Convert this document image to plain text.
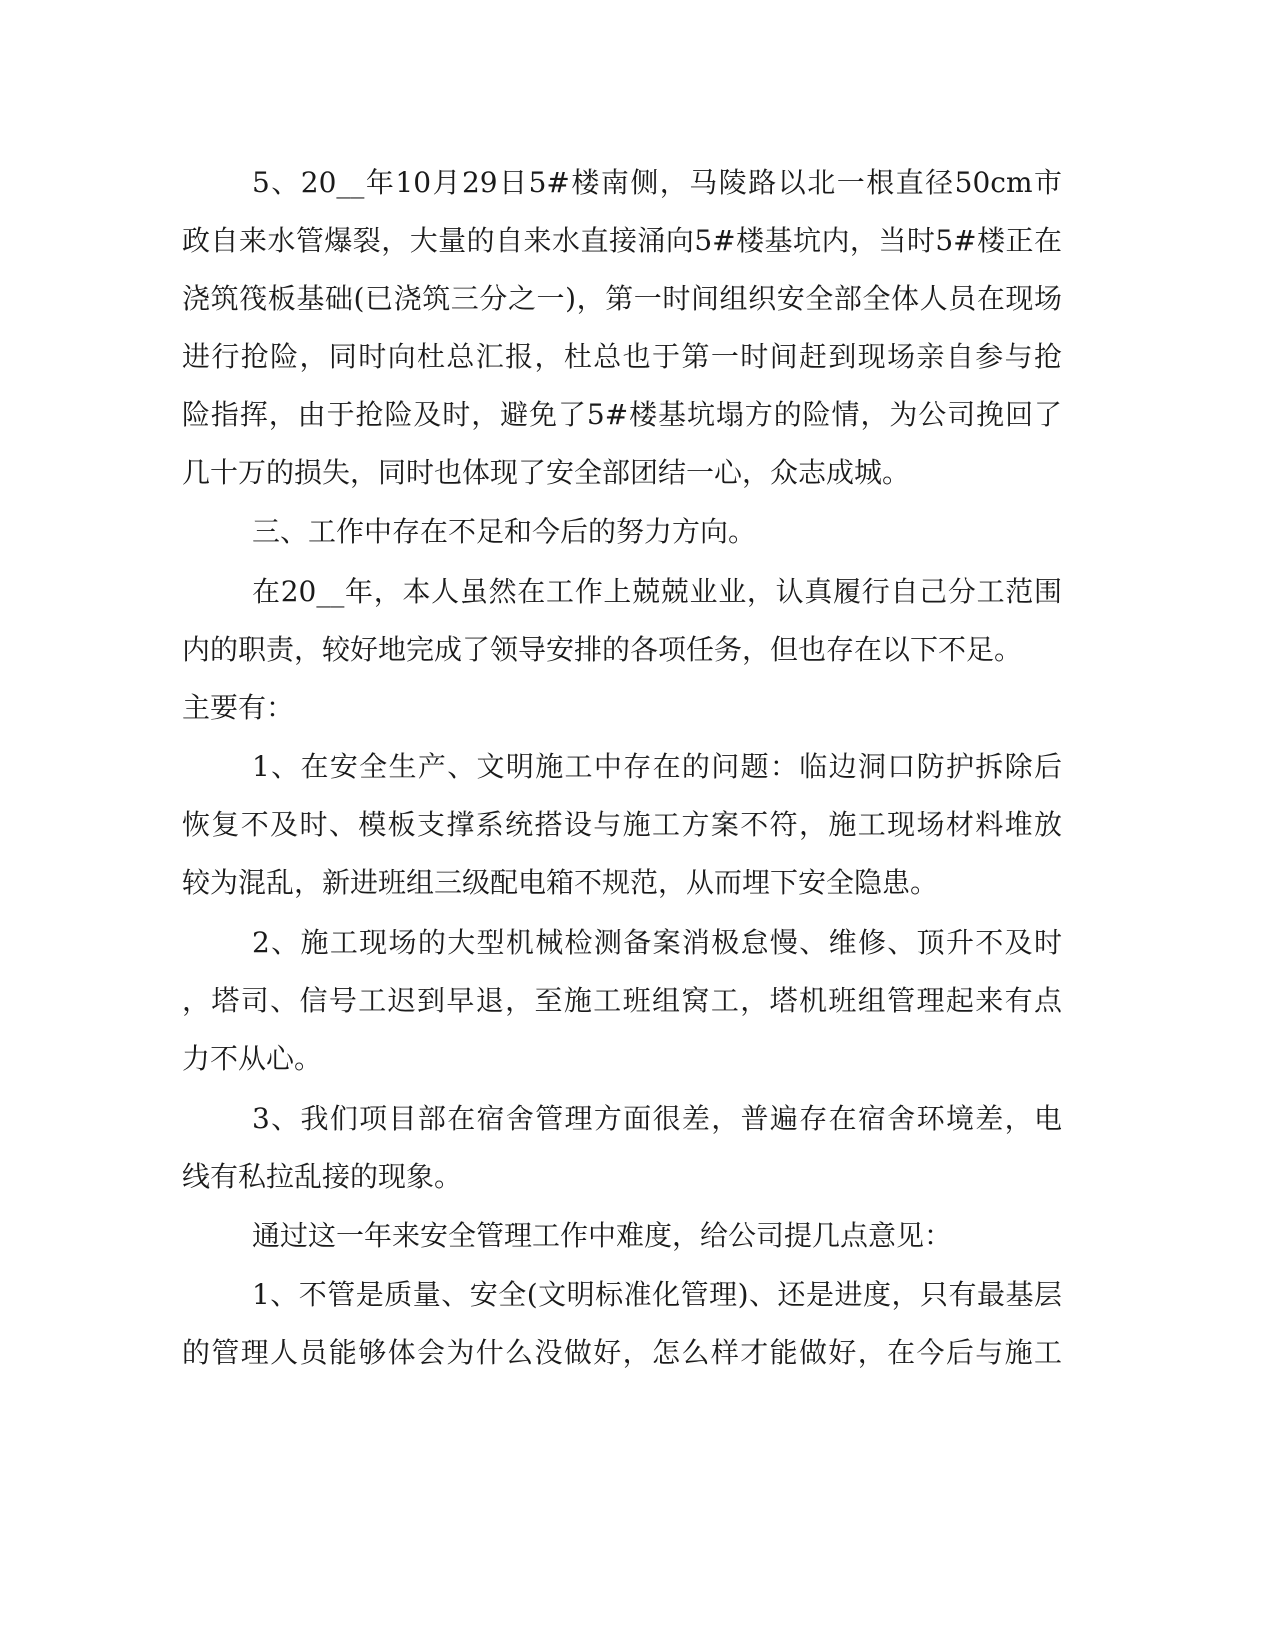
5、20__年10月29日5#楼南侧，马陵路以北一根直径50cm市
政自来水管爆裂，大量的自来水直接涌向5#楼基坑内，当时5#楼正在
浇筑筏板基础(已浇筑三分之一)，第一时间组织安全部全体人员在现场
进行抢险，同时向杜总汇报，杜总也于第一时间赶到现场亲自参与抢
险指挥，由于抢险及时，避免了5#楼基坑塌方的险情，为公司挽回了
几十万的损失，同时也体现了安全部团结一心，众志成城。
三、工作中存在不足和今后的努力方向。
在20__年，本人虽然在工作上兢兢业业，认真履行自己分工范围
内的职责，较好地完成了领导安排的各项任务，但也存在以下不足。
主要有：
1、在安全生产、文明施工中存在的问题：临边洞口防护拆除后
恢复不及时、模板支撑系统搭设与施工方案不符，施工现场材料堆放
较为混乱，新进班组三级配电箱不规范，从而埋下安全隐患。
2、施工现场的大型机械检测备案消极怠慢、维修、顶升不及时
，塔司、信号工迟到早退，至施工班组窝工，塔机班组管理起来有点
力不从心。
3、我们项目部在宿舍管理方面很差，普遍存在宿舍环境差，电
线有私拉乱接的现象。
通过这一年来安全管理工作中难度，给公司提几点意见：
1、不管是质量、安全(文明标准化管理)、还是进度，只有最基层
的管理人员能够体会为什么没做好，怎么样才能做好，在今后与施工
